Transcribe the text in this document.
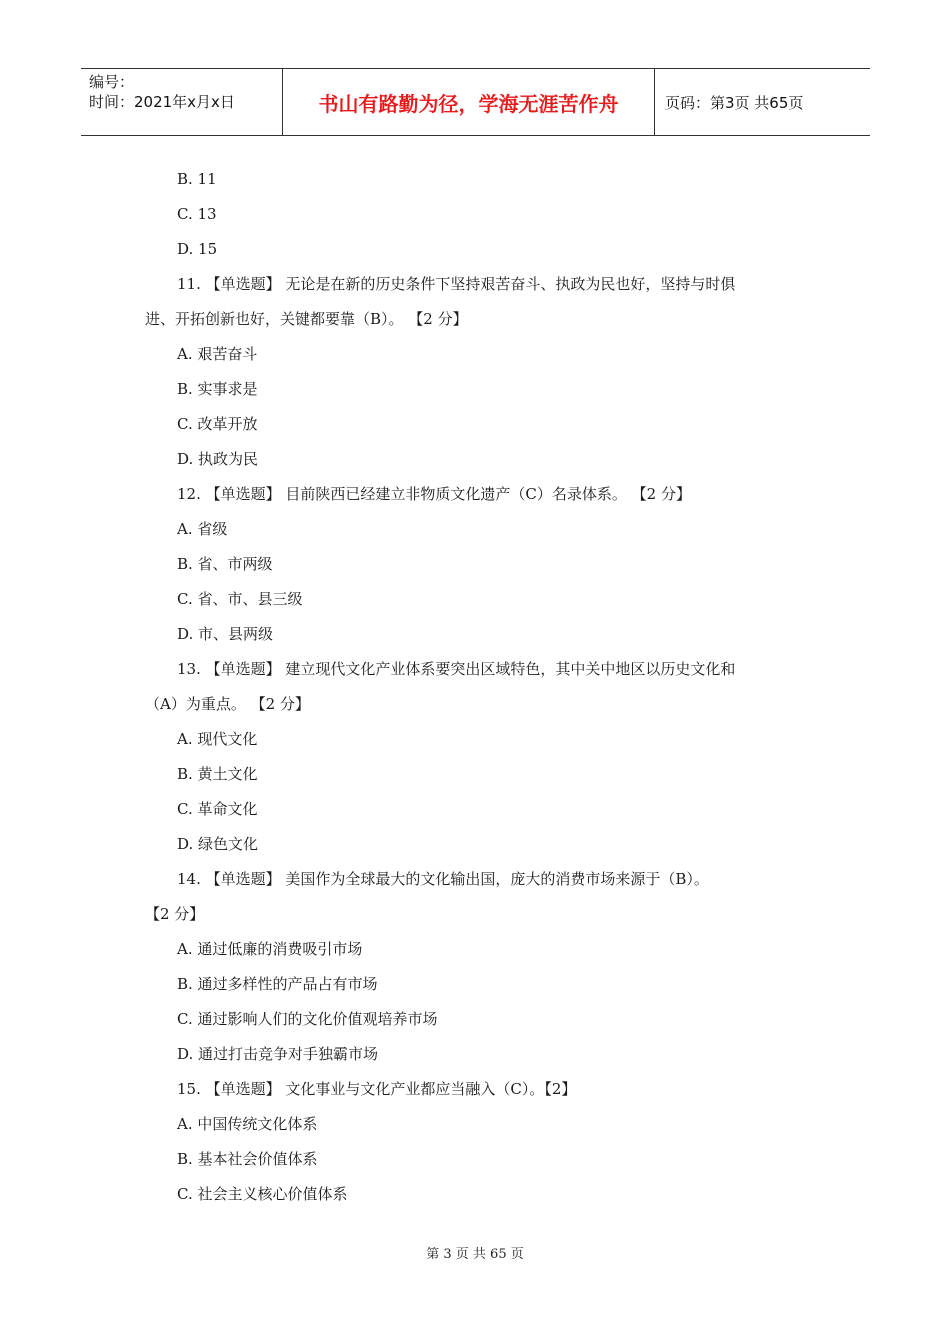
编号：
时间：2021年x月x日	书山有路勤为径，学海无涯苦作舟	页码：第3页 共65页
B. 11
C. 13
D. 15
11. 【单选题】 无论是在新的历史条件下坚持艰苦奋斗、执政为民也好，坚持与时俱
进、开拓创新也好，关键都要靠（B）。 【2 分】
A. 艰苦奋斗
B. 实事求是
C. 改革开放
D. 执政为民
12. 【单选题】 目前陕西已经建立非物质文化遗产（C）名录体系。 【2 分】
A. 省级
B. 省、市两级
C. 省、市、县三级
D. 市、县两级
13. 【单选题】 建立现代文化产业体系要突出区域特色，其中关中地区以历史文化和
（A）为重点。 【2 分】
A. 现代文化
B. 黄土文化
C. 革命文化
D. 绿色文化
14. 【单选题】 美国作为全球最大的文化输出国，庞大的消费市场来源于（B）。
【2 分】
A. 通过低廉的消费吸引市场
B. 通过多样性的产品占有市场
C. 通过影响人们的文化价值观培养市场
D. 通过打击竞争对手独霸市场
15. 【单选题】 文化事业与文化产业都应当融入（C）。【2】
A. 中国传统文化体系
B. 基本社会价值体系
C. 社会主义核心价值体系
第 3 页 共 65 页
